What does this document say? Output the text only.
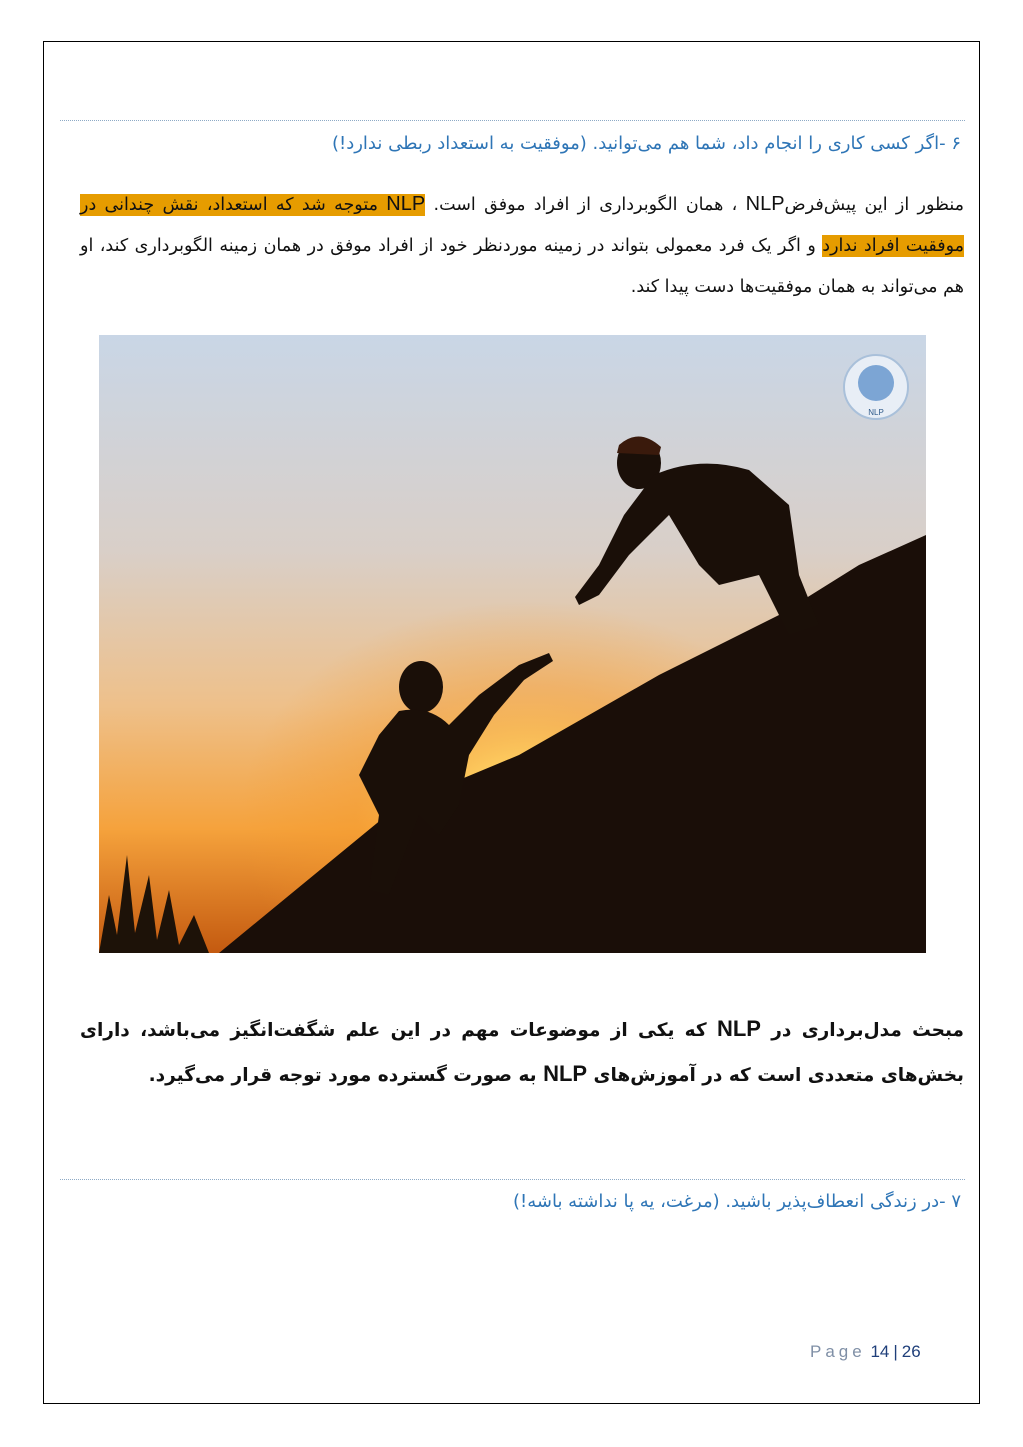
۶ -اگر کسی کاری را انجام داد، شما هم می‌توانید. (موفقیت به استعداد ربطی ندارد!)
منظور از این پیش‌فرضNLP ، همان الگوبرداری از افراد موفق است. NLP متوجه شد که استعداد، نقش چندانی در موفقیت افراد ندارد و اگر یک فرد معمولی بتواند در زمینه موردنظر خود از افراد موفق در همان زمینه الگوبرداری کند، او هم می‌تواند به همان موفقیت‌ها دست پیدا کند.
NLP
مبحث مدل‌برداری در NLP که یکی از موضوعات مهم در این علم شگفت‌انگیز می‌باشد، دارای بخش‌های متعددی است که در آموزش‌های NLP به صورت گسترده مورد توجه قرار می‌گیرد.
۷ -در زندگی انعطاف‌پذیر باشید. (مرغت، یه پا نداشته باشه!)
Page 14 | 26
